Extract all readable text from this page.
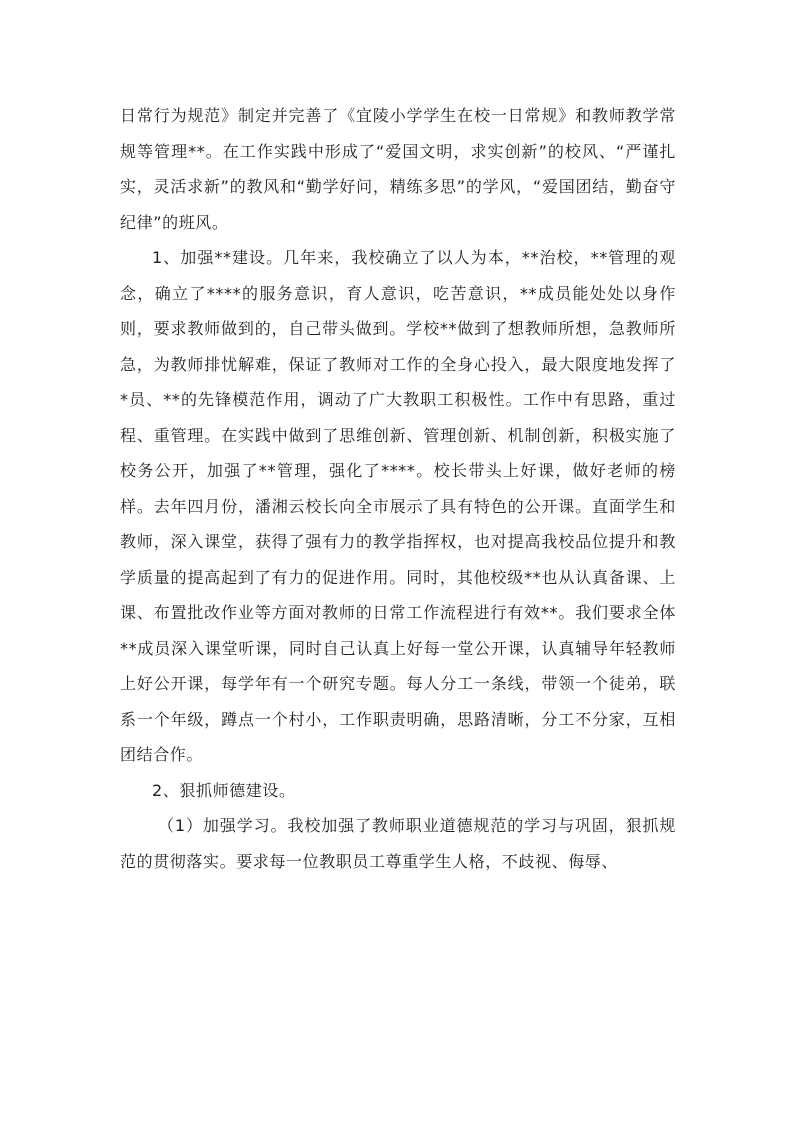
日常行为规范》制定并完善了《宜陵小学学生在校一日常规》和教师教学常规等管理**。在工作实践中形成了“爱国文明，求实创新”的校风、“严谨扎实，灵活求新”的教风和“勤学好问，精练多思”的学风，“爱国团结，勤奋守纪律”的班风。

1、加强**建设。几年来，我校确立了以人为本，**治校，**管理的观念，确立了****的服务意识，育人意识，吃苦意识，**成员能处处以身作则，要求教师做到的，自己带头做到。学校**做到了想教师所想，急教师所急，为教师排忧解难，保证了教师对工作的全身心投入，最大限度地发挥了*员、**的先锋模范作用，调动了广大教职工积极性。工作中有思路，重过程、重管理。在实践中做到了思维创新、管理创新、机制创新，积极实施了校务公开，加强了**管理，强化了****。校长带头上好课，做好老师的榜样。去年四月份，潘湘云校长向全市展示了具有特色的公开课。直面学生和教师，深入课堂，获得了强有力的教学指挥权，也对提高我校品位提升和教学质量的提高起到了有力的促进作用。同时，其他校级**也从认真备课、上课、布置批改作业等方面对教师的日常工作流程进行有效**。我们要求全体**成员深入课堂听课，同时自己认真上好每一堂公开课，认真辅导年轻教师上好公开课，每学年有一个研究专题。每人分工一条线，带领一个徒弟，联系一个年级，蹲点一个村小，工作职责明确，思路清晰，分工不分家，互相团结合作。

2、狠抓师德建设。

（1）加强学习。我校加强了教师职业道德规范的学习与巩固，狠抓规范的贯彻落实。要求每一位教职员工尊重学生人格，不歧视、侮辱、
